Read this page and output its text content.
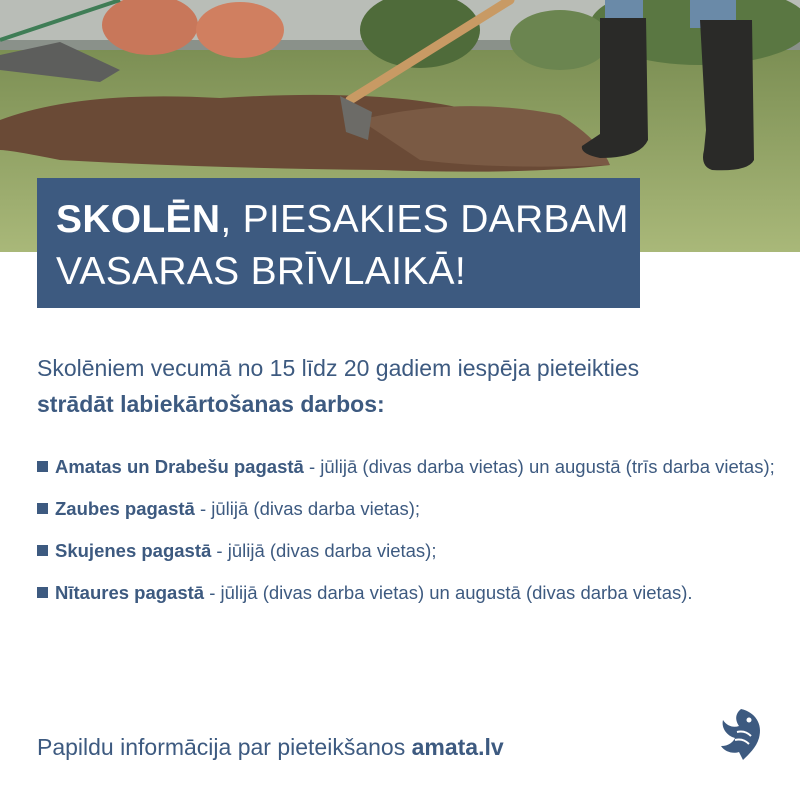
SKOLĒN, PIESAKIES DARBAM
VASARAS BRĪVLAIKĀ!
Skolēniem vecumā no 15 līdz 20 gadiem iespēja pieteikties
strādāt labiekārtošanas darbos:
Amatas un Drabešu pagastā - jūlijā (divas darba vietas) un augustā (trīs darba vietas);
Zaubes pagastā - jūlijā (divas darba vietas);
Skujenes pagastā - jūlijā (divas darba vietas);
Nītaures pagastā - jūlijā (divas darba vietas) un augustā (divas darba vietas).
Papildu informācija par pieteikšanos amata.lv
